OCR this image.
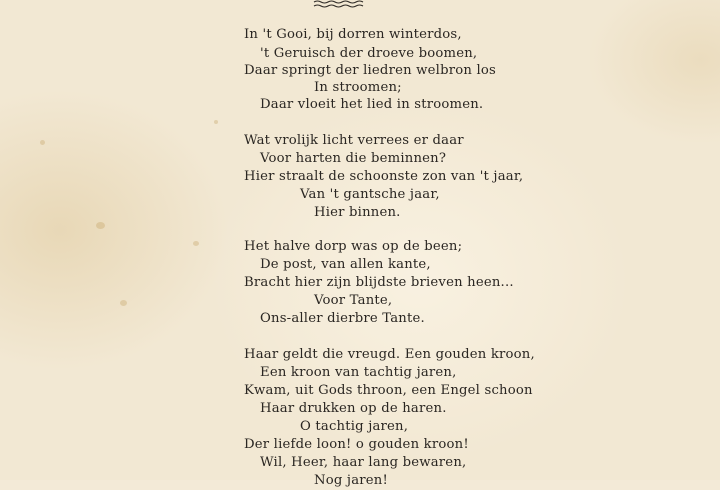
In 't Gooi, bij dorren winterdos,
't Geruisch der droeve boomen,
Daar springt der liedren welbron los
In stroomen;
Daar vloeit het lied in stroomen.
Wat vrolijk licht verrees er daar
Voor harten die beminnen?
Hier straalt de schoonste zon van 't jaar,
Van 't gantsche jaar,
Hier binnen.
Het halve dorp was op de been;
De post, van allen kante,
Bracht hier zijn blijdste brieven heen...
Voor Tante,
Ons-aller dierbre Tante.
Haar geldt die vreugd. Een gouden kroon,
Een kroon van tachtig jaren,
Kwam, uit Gods throon, een Engel schoon
Haar drukken op de haren.
O tachtig jaren,
Der liefde loon! o gouden kroon!
Wil, Heer, haar lang bewaren,
Nog jaren!
